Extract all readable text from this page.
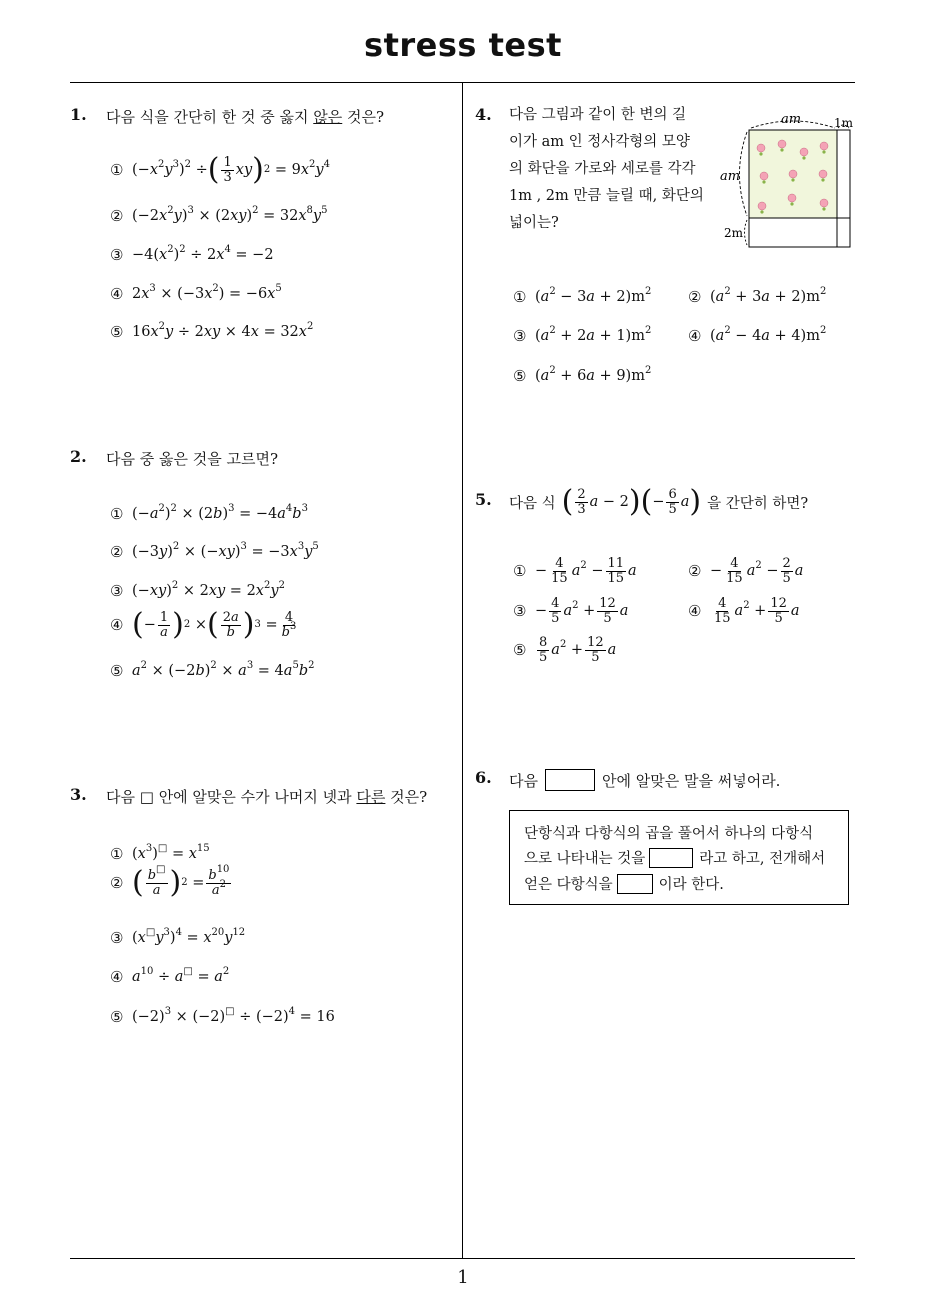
stress test
1
1. 다음 식을 간단히 한 것 중 옳지 않은 것은?
① $(-x^2y^3)^2$ ÷ ( $\frac{1}{3}$ xy ) $2 = 9x^2y^4$
② $(-2x^2y)^3 \times (2xy)^2 = 32x^8y^5$
③ $-4(x^2)^2 \div 2x^4 = -2$
④ $2x^3 \times (-3x^2) = -6x^5$
⑤ $16x^2y \div 2xy \times 4x = 32x^2$
2. 다음 중 옳은 것을 고르면?
① $(-a^2)^2 \times (2b)^3 = -4a^4b^3$
② $(-3y)^2 \times (-xy)^3 = -3x^3y^5$
③ $(-xy)^2 \times 2xy = 2x^2y^2$
④ ( − $\frac{1}{a}$ ) 2 × ( $\frac{2a}{b}$ ) $3 = \frac{4}{b^3}$
⑤ $a^2 \times (-2b)^2 \times a^3 = 4a^5b^2$
3. 다음 □ 안에 알맞은 수가 나머지 넷과 다른 것은?
① $(x^3)^□ = x^{15}$
② ( $\frac{b^□}{a}$ ) $2 = \frac{b^{10}}{a^2}$
③ $(x^□y^3)^4 = x^{20}y^{12}$
④ $a^{10} \div a^□ = a^2$
⑤ $(-2)^3 \times (-2)^□ \div (-2)^4 = 16$
4. 다음 그림과 같이 한 변의 길
이가 am 인 정사각형의 모양
의 화단을 가로와 세로를 각각
1m , 2m 만큼 늘릴 때, 화단의
넓이는?
am
am
1m
2m
① $(a^2 - 3a + 2)m^2$ ② $(a^2 + 3a + 2)m^2$
③ $(a^2 + 2a + 1)m^2$ ④ $(a^2 - 4a + 4)m^2$
⑤ $(a^2 + 6a + 9)m^2$
5. 다음 식 ( $\frac{2}{3}$ a − 2 ) ( − $\frac{6}{5}$ a ) 을 간단히 하면?
① − $\frac{4}{15} a^2 - \frac{11}{15}$ a	② − $\frac{4}{15} a^2 - \frac{2}{5}$ a
③ − $\frac{4}{5} a^2 + \frac{12}{5}$ a	④ $\frac{4}{15} a^2 + \frac{12}{5}$ a
⑤ $\frac{8}{5} a^2 + \frac{12}{5}$ a
6. 다음	안에 알맞은 말을 써넣어라.
단항식과 다항식의 곱을 풀어서 하나의 다항식
으로 나타내는 것을	라고 하고, 전개해서
얻은 다항식을	이라 한다.
